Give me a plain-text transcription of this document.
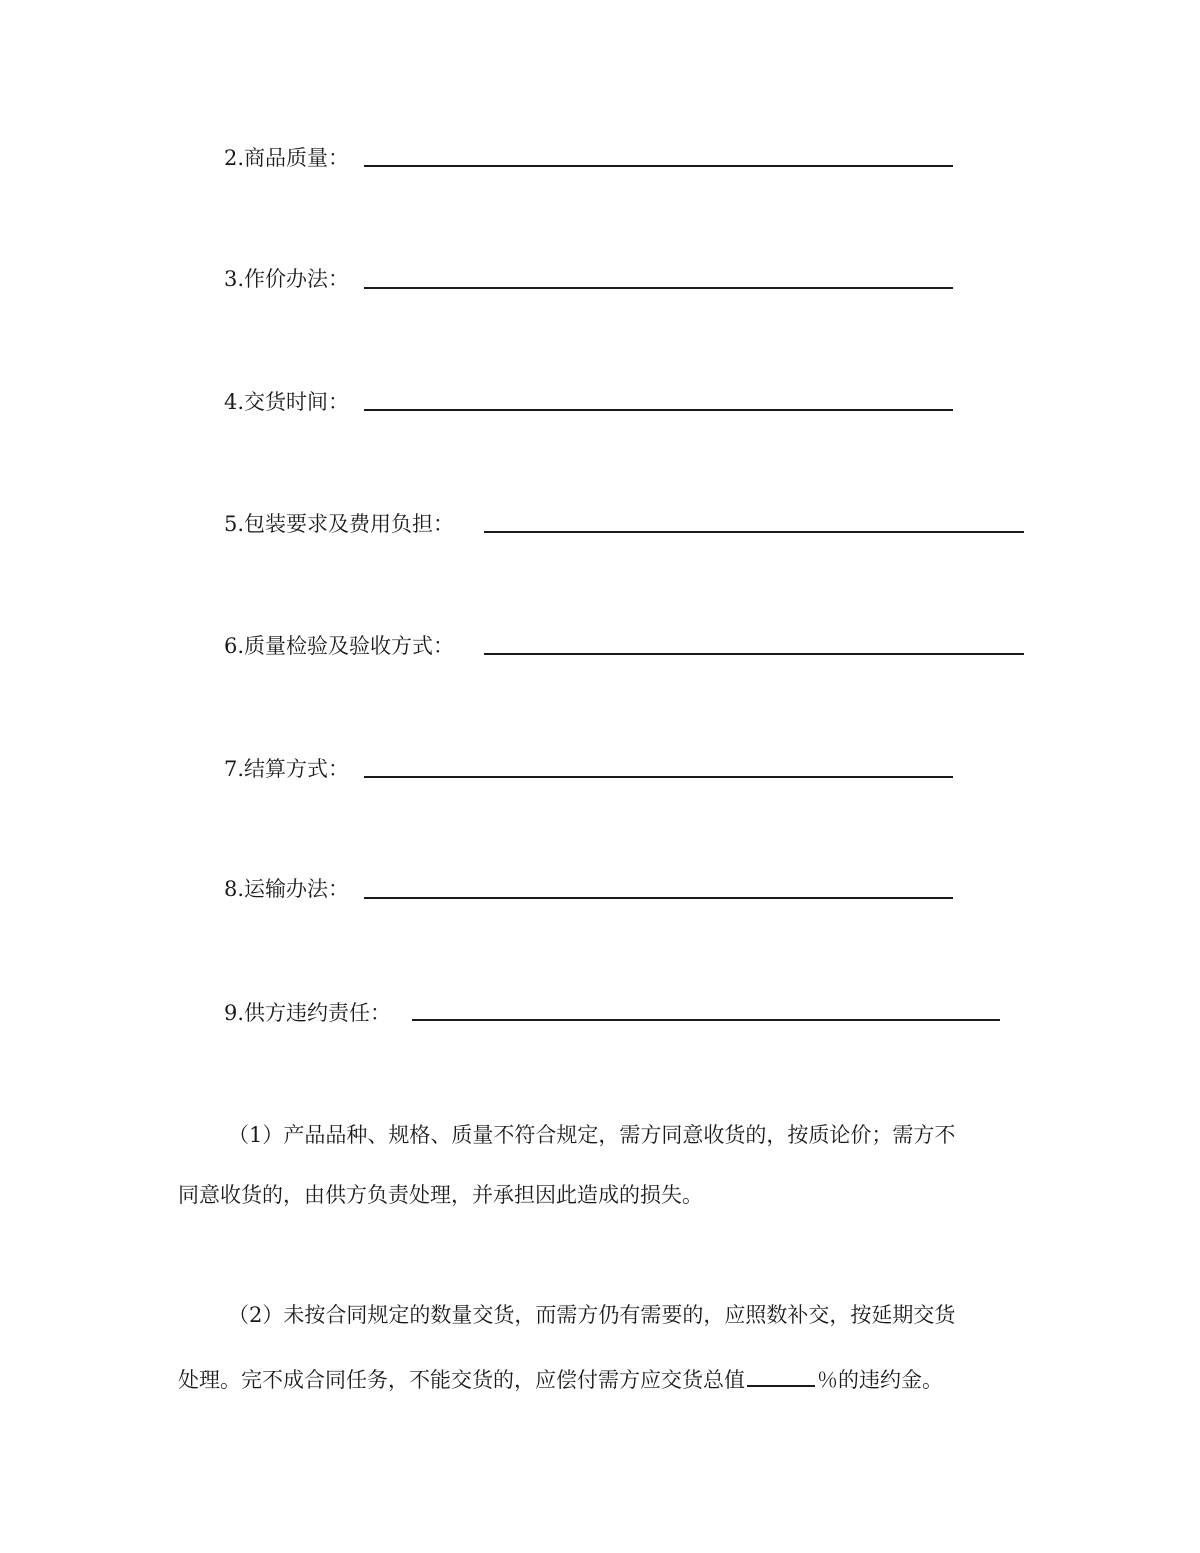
2.商品质量：
3.作价办法：
4.交货时间：
5.包装要求及费用负担：
6.质量检验及验收方式：
7.结算方式：
8.运输办法：
9.供方违约责任：
（1）产品品种、规格、质量不符合规定，需方同意收货的，按质论价；需方不
同意收货的，由供方负责处理，并承担因此造成的损失。
（2）未按合同规定的数量交货，而需方仍有需要的，应照数补交，按延期交货
处理。完不成合同任务，不能交货的，应偿付需方应交货总值	％的违约金。
